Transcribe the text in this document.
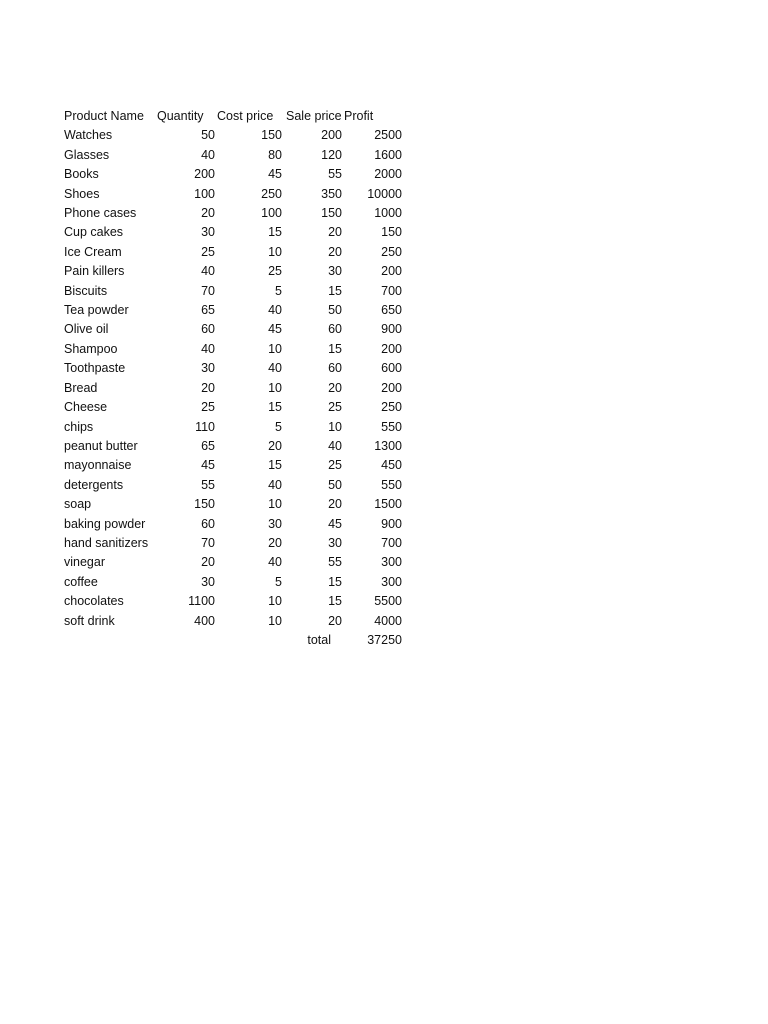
Product Name	Quantity	Cost price	Sale price	Profit
Watches	50	150	200	2500
Glasses	40	80	120	1600
Books	200	45	55	2000
Shoes	100	250	350	10000
Phone cases	20	100	150	1000
Cup cakes	30	15	20	150
Ice Cream	25	10	20	250
Pain killers	40	25	30	200
Biscuits	70	5	15	700
Tea powder	65	40	50	650
Olive oil	60	45	60	900
Shampoo	40	10	15	200
Toothpaste	30	40	60	600
Bread	20	10	20	200
Cheese	25	15	25	250
chips	110	5	10	550
peanut butter	65	20	40	1300
mayonnaise	45	15	25	450
detergents	55	40	50	550
soap	150	10	20	1500
baking powder	60	30	45	900
hand sanitizers	70	20	30	700
vinegar	20	40	55	300
coffee	30	5	15	300
chocolates	1100	10	15	5500
soft drink	400	10	20	4000
			total	37250
